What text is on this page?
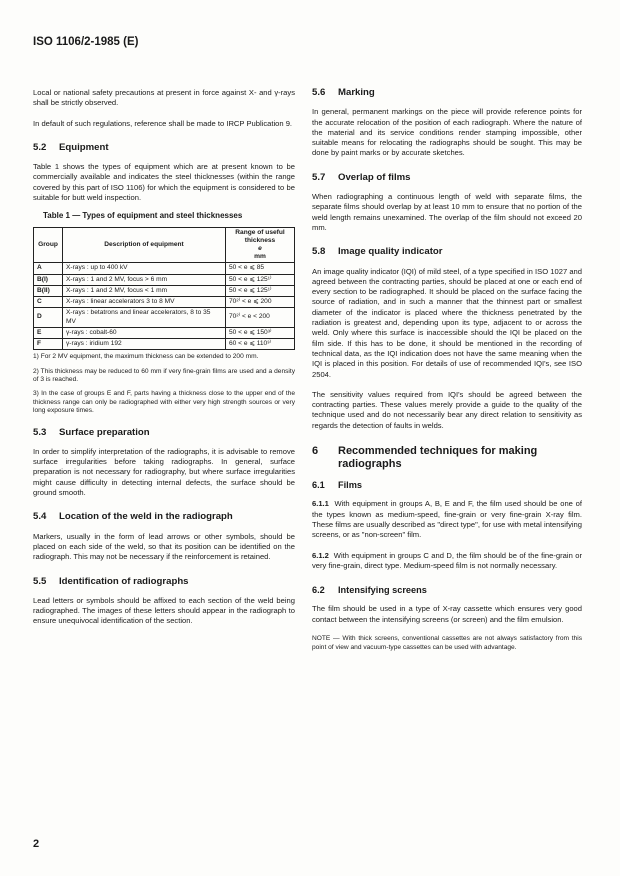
ISO 1106/2-1985 (E)

Local or national safety precautions at present in force against X- and γ-rays shall be strictly observed.

In default of such regulations, reference shall be made to IRCP Publication 9.

5.2 Equipment

Table 1 shows the types of equipment which are at present known to be commercially available and indicates the steel thicknesses (within the range covered by this part of ISO 1106) for which the equipment is considered to be suitable for butt weld inspection.

Table 1 — Types of equipment and steel thicknesses
Group	Description of equipment	Range of useful thickness
e
mm
A	X-rays : up to 400 kV	50 < e ⩽ 85
B(I)	X-rays : 1 and 2 MV, focus > 6 mm	50 < e ⩽ 125¹⁾
B(II)	X-rays : 1 and 2 MV, focus < 1 mm	50 < e ⩽ 125¹⁾
C	X-rays : linear accelerators 3 to 8 MV	70²⁾ < e ⩽ 200
D	X-rays : betatrons and linear accelerators, 8 to 35 MV	70²⁾ < e < 200
E	γ-rays : cobalt-60	50 < e ⩽ 150³⁾
F	γ-rays : iridium 192	60 < e ⩽ 110³⁾

1) For 2 MV equipment, the maximum thickness can be extended to 200 mm.

2) This thickness may be reduced to 60 mm if very fine-grain films are used and a density of 3 is reached.

3) In the case of groups E and F, parts having a thickness close to the upper end of the thickness range can only be radiographed with either very high strength sources or very long exposure times.

5.3 Surface preparation

In order to simplify interpretation of the radiographs, it is advisable to remove surface irregularities before taking radiographs. In general, surface preparation is not necessary for radiography, but where surface irregularities might cause difficulty in detecting internal defects, the surface should be ground smooth.

5.4 Location of the weld in the radiograph

Markers, usually in the form of lead arrows or other symbols, should be placed on each side of the weld, so that its position can be identified on the radiograph. This may not be necessary if the reinforcement is retained.

5.5 Identification of radiographs

Lead letters or symbols should be affixed to each section of the weld being radiographed. The images of these letters should appear in the radiograph to ensure unequivocal identification of the section.

5.6 Marking

In general, permanent markings on the piece will provide reference points for the accurate relocation of the position of each radiograph. Where the nature of the material and its service conditions render stamping impossible, other suitable means for relocating the radiographs should be sought. This may be done by paint marks or by accurate sketches.

5.7 Overlap of films

When radiographing a continuous length of weld with separate films, the separate films should overlap by at least 10 mm to ensure that no portion of the weld length remains unexamined. The overlap of the film should not exceed 20 mm.

5.8 Image quality indicator

An image quality indicator (IQI) of mild steel, of a type specified in ISO 1027 and agreed between the contracting parties, should be placed at one or each end of every section to be radiographed. It should be placed on the surface facing the source of radiation, and in such a manner that the thinnest part or smallest diameter of the indicator is placed where the thickness penetrated by the radiation is greatest and, depending upon its type, adjacent to or across the weld. Only where this surface is inaccessible should the IQI be placed on the film side. If this has to be done, it should be mentioned in the recording of technical data, as the IQI indication does not have the same meaning when the IQI is placed in this position. For details of use of recommended IQI's, see ISO 2504.

The sensitivity values required from IQI's should be agreed between the contracting parties. These values merely provide a guide to the quality of the technique used and do not necessarily bear any direct relation to sensitivity as regards the detection of faults in welds.

6 Recommended techniques for making radiographs
6.1 Films

6.1.1 With equipment in groups A, B, E and F, the film used should be one of the types known as medium-speed, fine-grain or very fine-grain X-ray film. These films are usually described as "direct type", for use with metal intensifying screens, or as "non-screen" film.

6.1.2 With equipment in groups C and D, the film should be of the fine-grain or very fine-grain, direct type. Medium-speed film is not normally necessary.

6.2 Intensifying screens

The film should be used in a type of X-ray cassette which ensures very good contact between the intensifying screens (or screen) and the film emulsion.

NOTE — With thick screens, conventional cassettes are not always satisfactory from this point of view and vacuum-type cassettes can be used with advantage.

2
